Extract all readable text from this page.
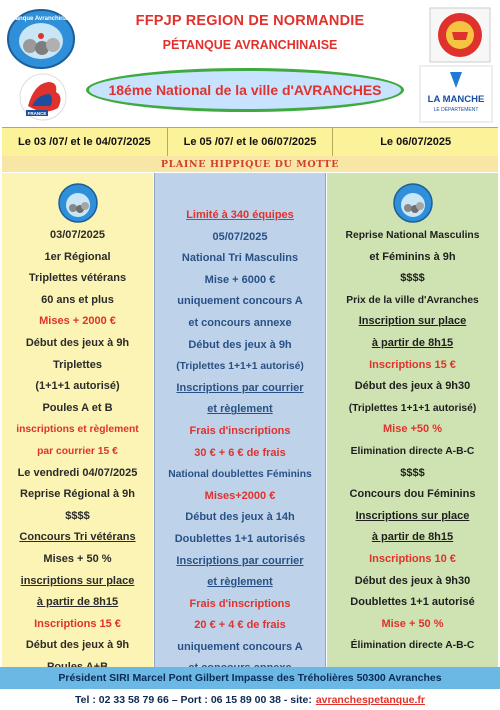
Pétanque Avranchinaise
FRANCE
LA MANCHE
LE DÉPARTEMENT
FFPJP REGION DE NORMANDIE
PÉTANQUE AVRANCHINAISE
18éme National de la ville d'AVRANCHES
Le 03 /07/ et le 04/07/2025	Le 05 /07/ et le 06/07/2025	Le 06/07/2025
PLAINE HIPPIQUE DU MOTTE
03/07/2025
1er Régional
Triplettes vétérans
60 ans et plus
Mises + 2000 €
Début des jeux à 9h
Triplettes
(1+1+1 autorisé)
Poules A et B
inscriptions et règlement
par courrier 15 €
Le vendredi 04/07/2025
Reprise Régional à 9h
$$$$
Concours Tri vétérans
Mises + 50 %
inscriptions sur place
à partir de 8h15
Inscriptions 15 €
Début des jeux à 9h
Limité à 340 équipes
05/07/2025
National Tri Masculins
Mise + 6000 €
uniquement concours A
et concours annexe
Début des jeux à 9h
(Triplettes 1+1+1 autorisé)
Inscriptions par courrier
et règlement
Frais d'inscriptions
30 € + 6 € de frais
National doublettes Féminins
Mises+2000 €
Début des jeux à 14h
Doublettes 1+1 autorisés
Inscriptions par courrier
et règlement
Frais d'inscriptions
20 € + 4 € de frais
uniquement concours A
Reprise National Masculins
et Féminins à 9h
$$$$
Prix de la ville d'Avranches
Inscription sur place
à partir de 8h15
Inscriptions 15 €
Début des jeux à 9h30
(Triplettes 1+1+1 autorisé)
Mise +50 %
Elimination directe A-B-C
$$$$
Concours dou Féminins
Inscriptions sur place
à partir de 8h15
Inscriptions 10 €
Début des jeux à 9h30
Doublettes 1+1 autorisé
Mise + 50 %
Élimination directe A-B-C
Président SIRI Marcel Pont Gilbert Impasse des Tréholières 50300 Avranches
Tel : 02 33 58 79 66 – Port : 06 15 89 00 38 - site: avranchespetanque.fr
